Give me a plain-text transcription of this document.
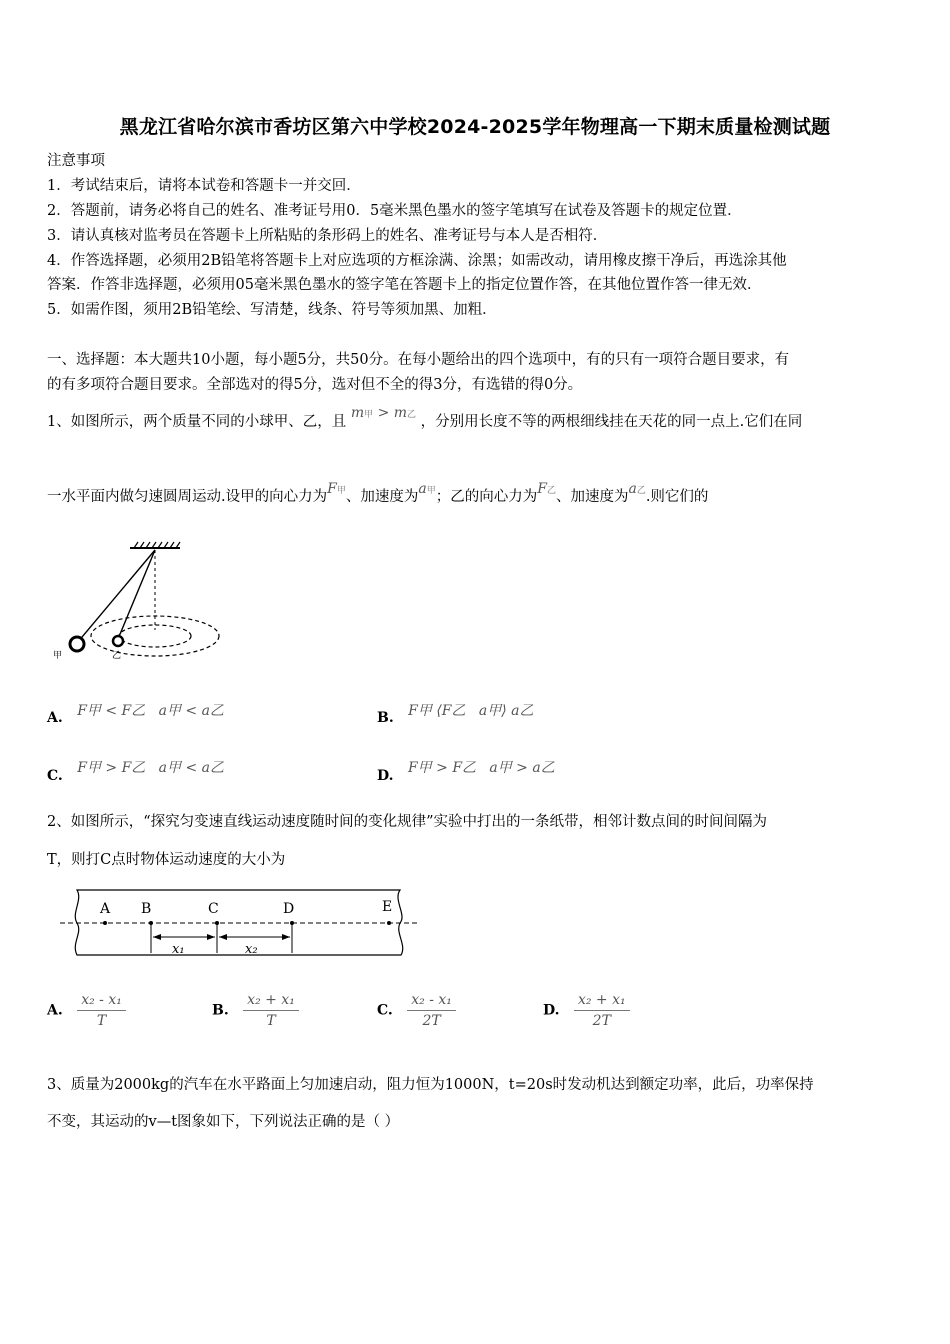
黑龙江省哈尔滨市香坊区第六中学校2024-2025学年物理高一下期末质量检测试题
注意事项
1．考试结束后，请将本试卷和答题卡一并交回．
2．答题前，请务必将自己的姓名、准考证号用0．5毫米黑色墨水的签字笔填写在试卷及答题卡的规定位置．
3．请认真核对监考员在答题卡上所粘贴的条形码上的姓名、准考证号与本人是否相符．
4．作答选择题，必须用2B铅笔将答题卡上对应选项的方框涂满、涂黑；如需改动，请用橡皮擦干净后，再选涂其他
答案．作答非选择题，必须用05毫米黑色墨水的签字笔在答题卡上的指定位置作答，在其他位置作答一律无效．
5．如需作图，须用2B铅笔绘、写清楚，线条、符号等须加黑、加粗．
一、选择题：本大题共10小题，每小题5分，共50分。在每小题给出的四个选项中，有的只有一项符合题目要求，有
的有多项符合题目要求。全部选对的得5分，选对但不全的得3分，有选错的得0分。
1、如图所示，两个质量不同的小球甲、乙，且 m甲 > m乙 ，分别用长度不等的两根细线挂在天花的同一点上.它们在同
一水平面内做匀速圆周运动.设甲的向心力为F甲、加速度为a甲；乙的向心力为F乙、加速度为a乙.则它们的
甲	乙
A. F甲 < F乙   a甲 < a乙	B. F甲 ⟨F乙   a甲⟩ a乙
C. F甲 > F乙   a甲 < a乙	D. F甲 > F乙   a甲 > a乙
2、如图所示，“探究匀变速直线运动速度随时间的变化规律”实验中打出的一条纸带，相邻计数点间的时间间隔为
T，则打C点时物体运动速度的大小为
A B	C	D	E
x₁	x₂
A. $\frac{\text{x₂ - x₁}}{T}$	B. $\frac{\text{x₂ + x₁}}{T}$	C. $\frac{\text{x₂ - x₁}}{2T}$	D. $\frac{\text{x₂ + x₁}}{2T}$
3、质量为2000kg的汽车在水平路面上匀加速启动，阻力恒为1000N，t=20s时发动机达到额定功率，此后，功率保持
不变，其运动的v—t图象如下，下列说法正确的是（ ）
